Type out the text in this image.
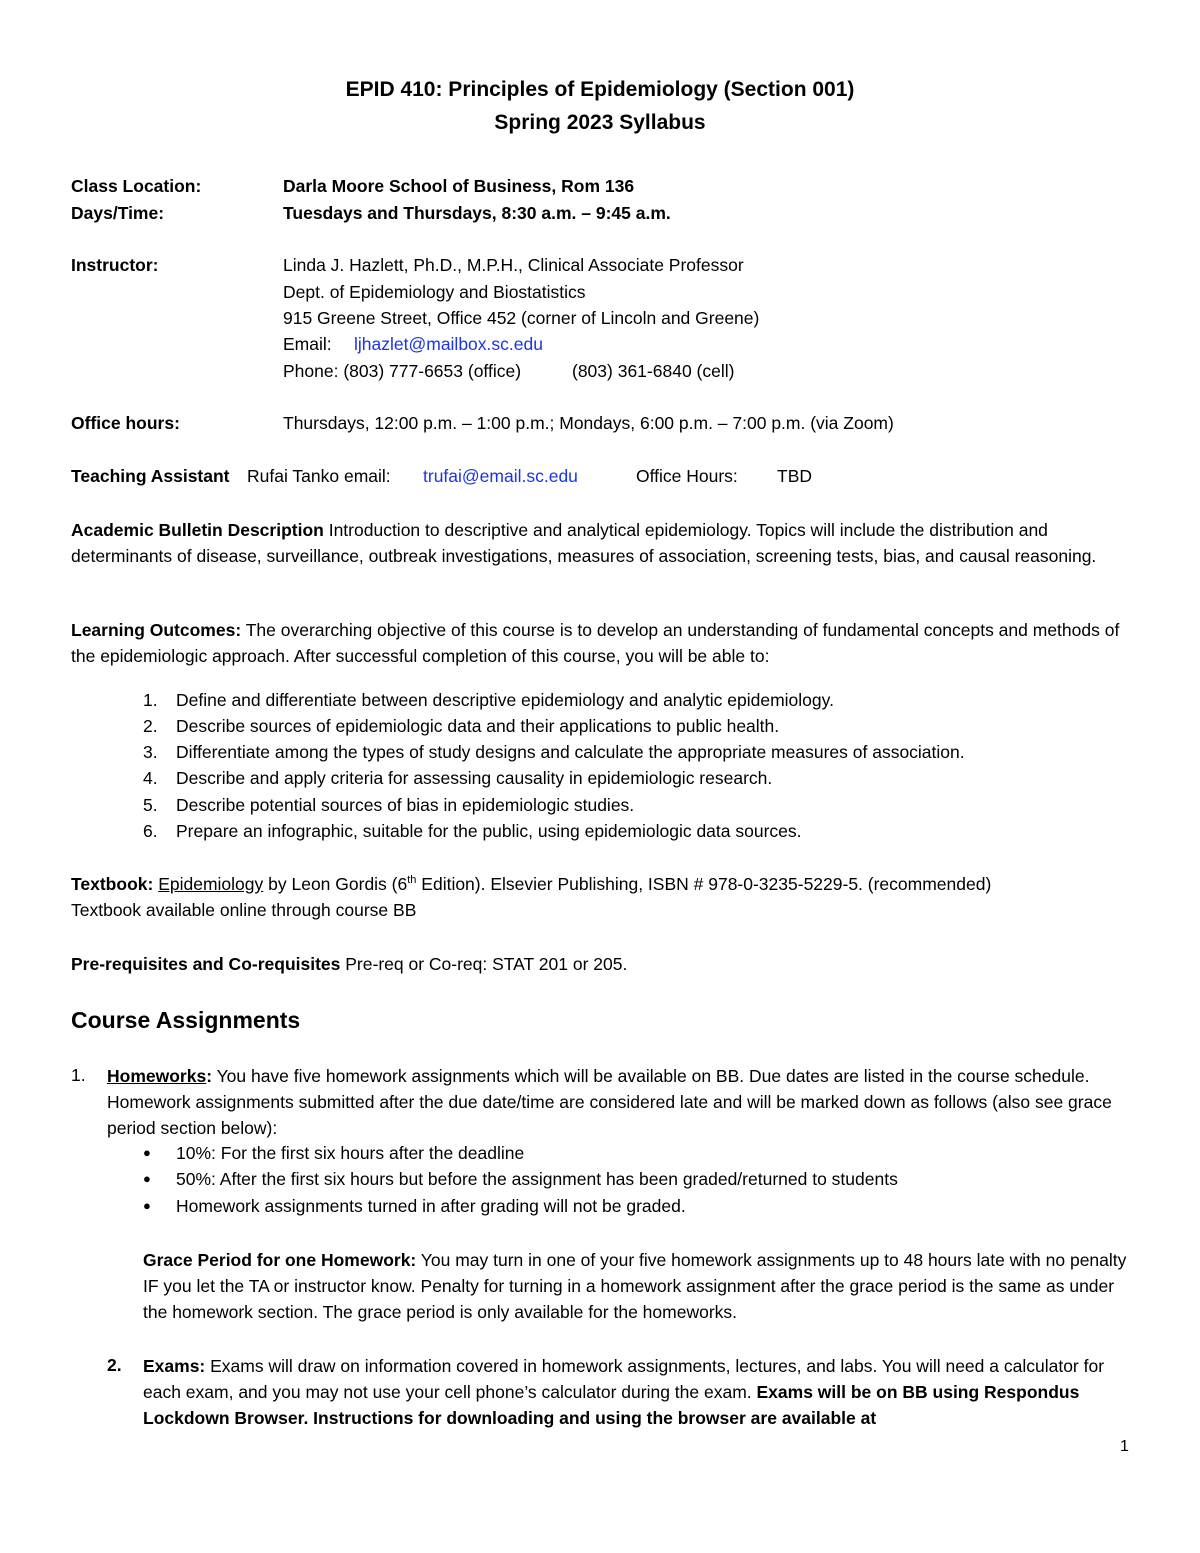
EPID 410: Principles of Epidemiology (Section 001)
Spring 2023 Syllabus
Class Location:	Darla Moore School of Business, Rom 136
Days/Time:	Tuesdays and Thursdays, 8:30 a.m. – 9:45 a.m.
Instructor:	Linda J. Hazlett, Ph.D., M.P.H., Clinical Associate Professor
Dept. of Epidemiology and Biostatistics
915 Greene Street, Office 452 (corner of Lincoln and Greene)
Email: ljhazlet@mailbox.sc.edu
Phone: (803) 777-6653 (office)	(803) 361-6840 (cell)
Office hours:	Thursdays, 12:00 p.m. – 1:00 p.m.; Mondays, 6:00 p.m. – 7:00 p.m. (via Zoom)
Teaching Assistant Rufai Tanko email: trufai@email.sc.edu	Office Hours: TBD
Academic Bulletin Description Introduction to descriptive and analytical epidemiology. Topics will include the distribution and determinants of disease, surveillance, outbreak investigations, measures of association, screening tests, bias, and causal reasoning.
Learning Outcomes: The overarching objective of this course is to develop an understanding of fundamental concepts and methods of the epidemiologic approach. After successful completion of this course, you will be able to:
1. Define and differentiate between descriptive epidemiology and analytic epidemiology.
2. Describe sources of epidemiologic data and their applications to public health.
3. Differentiate among the types of study designs and calculate the appropriate measures of association.
4. Describe and apply criteria for assessing causality in epidemiologic research.
5. Describe potential sources of bias in epidemiologic studies.
6. Prepare an infographic, suitable for the public, using epidemiologic data sources.
Textbook: Epidemiology by Leon Gordis (6th Edition). Elsevier Publishing, ISBN # 978-0-3235-5229-5. (recommended)
Textbook available online through course BB
Pre-requisites and Co-requisites Pre-req or Co-req: STAT 201 or 205.
Course Assignments
1. Homeworks: You have five homework assignments which will be available on BB. Due dates are listed in the course schedule. Homework assignments submitted after the due date/time are considered late and will be marked down as follows (also see grace period section below):
● 10%: For the first six hours after the deadline
● 50%: After the first six hours but before the assignment has been graded/returned to students
● Homework assignments turned in after grading will not be graded.
Grace Period for one Homework: You may turn in one of your five homework assignments up to 48 hours late with no penalty IF you let the TA or instructor know. Penalty for turning in a homework assignment after the grace period is the same as under the homework section. The grace period is only available for the homeworks.
2. Exams: Exams will draw on information covered in homework assignments, lectures, and labs. You will need a calculator for each exam, and you may not use your cell phone’s calculator during the exam. Exams will be on BB using Respondus Lockdown Browser. Instructions for downloading and using the browser are available at
1
